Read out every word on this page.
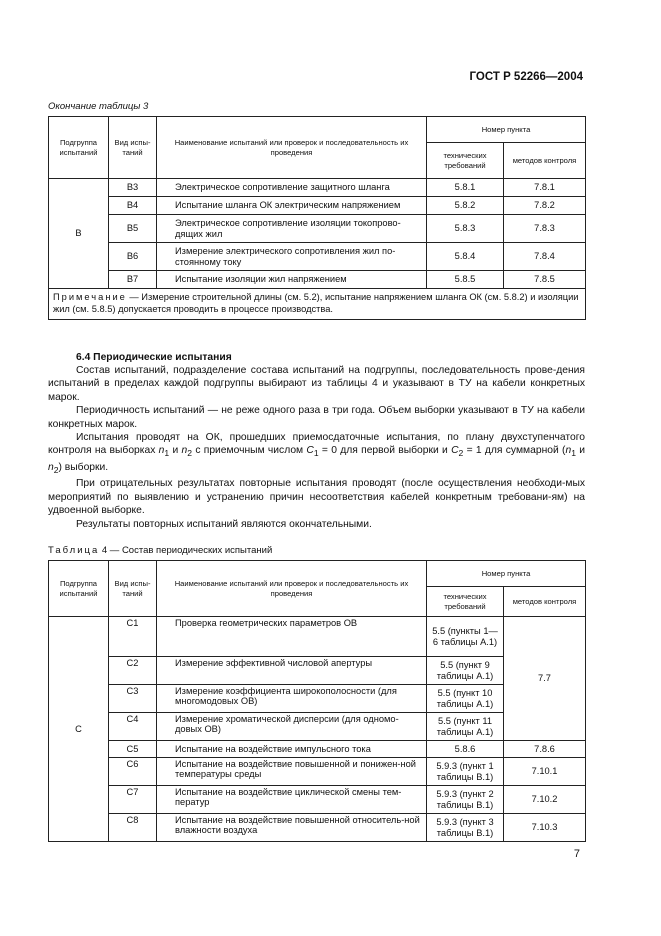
ГОСТ Р 52266—2004
Окончание таблицы 3
Подгруппа испытаний	Вид испы-таний	Наименование испытаний или проверок и последовательность их проведения	Номер пункта	
			технических требований	методов контроля
В	В3	Электрическое сопротивление защитного шланга	5.8.1	7.8.1
	В4	Испытание шланга ОК электрическим напряжением	5.8.2	7.8.2
	В5	Электрическое сопротивление изоляции токопрово-дящих жил	5.8.3	7.8.3
	В6	Измерение электрического сопротивления жил по-стоянному току	5.8.4	7.8.4
	В7	Испытание изоляции жил напряжением	5.8.5	7.8.5
Примечание — Измерение строительной длины (см. 5.2), испытание напряжением шланга ОК (см. 5.8.2) и изоляции жил (см. 5.8.5) допускается проводить в процессе производства.				
6.4 Периодические испытания

Состав испытаний, подразделение состава испытаний на подгруппы, последовательность прове-дения испытаний в пределах каждой подгруппы выбирают из таблицы 4 и указывают в ТУ на кабели конкретных марок.

Периодичность испытаний — не реже одного раза в три года. Объем выборки указывают в ТУ на кабели конкретных марок.

Испытания проводят на ОК, прошедших приемосдаточные испытания, по плану двухступенчатого контроля на выборках $n_1$ и $n_2$ с приемочным числом $C_1 = 0$ для первой выборки и $C_2 = 1$ для суммарной ($n_1$ и $n_2$) выборки.

При отрицательных результатах повторные испытания проводят (после осуществления необходи-мых мероприятий по выявлению и устранению причин несоответствия кабелей конкретным требовани-ям) на удвоенной выборке.

Результаты повторных испытаний являются окончательными.

Таблица 4 — Состав периодических испытаний
Подгруппа испытаний	Вид испы-таний	Наименование испытаний или проверок и последовательность их проведения	Номер пункта	
			технических требований	методов контроля
С	С1	Проверка геометрических параметров ОВ	5.5 (пункты 1—6 таблицы А.1)	7.7
	С2	Измерение эффективной числовой апертуры	5.5 (пункт 9 таблицы А.1)	
	С3	Измерение коэффициента широкополосности (для многомодовых ОВ)	5.5 (пункт 10 таблицы А.1)	
	С4	Измерение хроматической дисперсии (для одномо-довых ОВ)	5.5 (пункт 11 таблицы А.1)	
	С5	Испытание на воздействие импульсного тока	5.8.6	7.8.6
	С6	Испытание на воздействие повышенной и понижен-ной температуры среды	5.9.3 (пункт 1 таблицы В.1)	7.10.1
	С7	Испытание на воздействие циклической смены тем-ператур	5.9.3 (пункт 2 таблицы В.1)	7.10.2
	С8	Испытание на воздействие повышенной относитель-ной влажности воздуха	5.9.3 (пункт 3 таблицы В.1)	7.10.3
7
